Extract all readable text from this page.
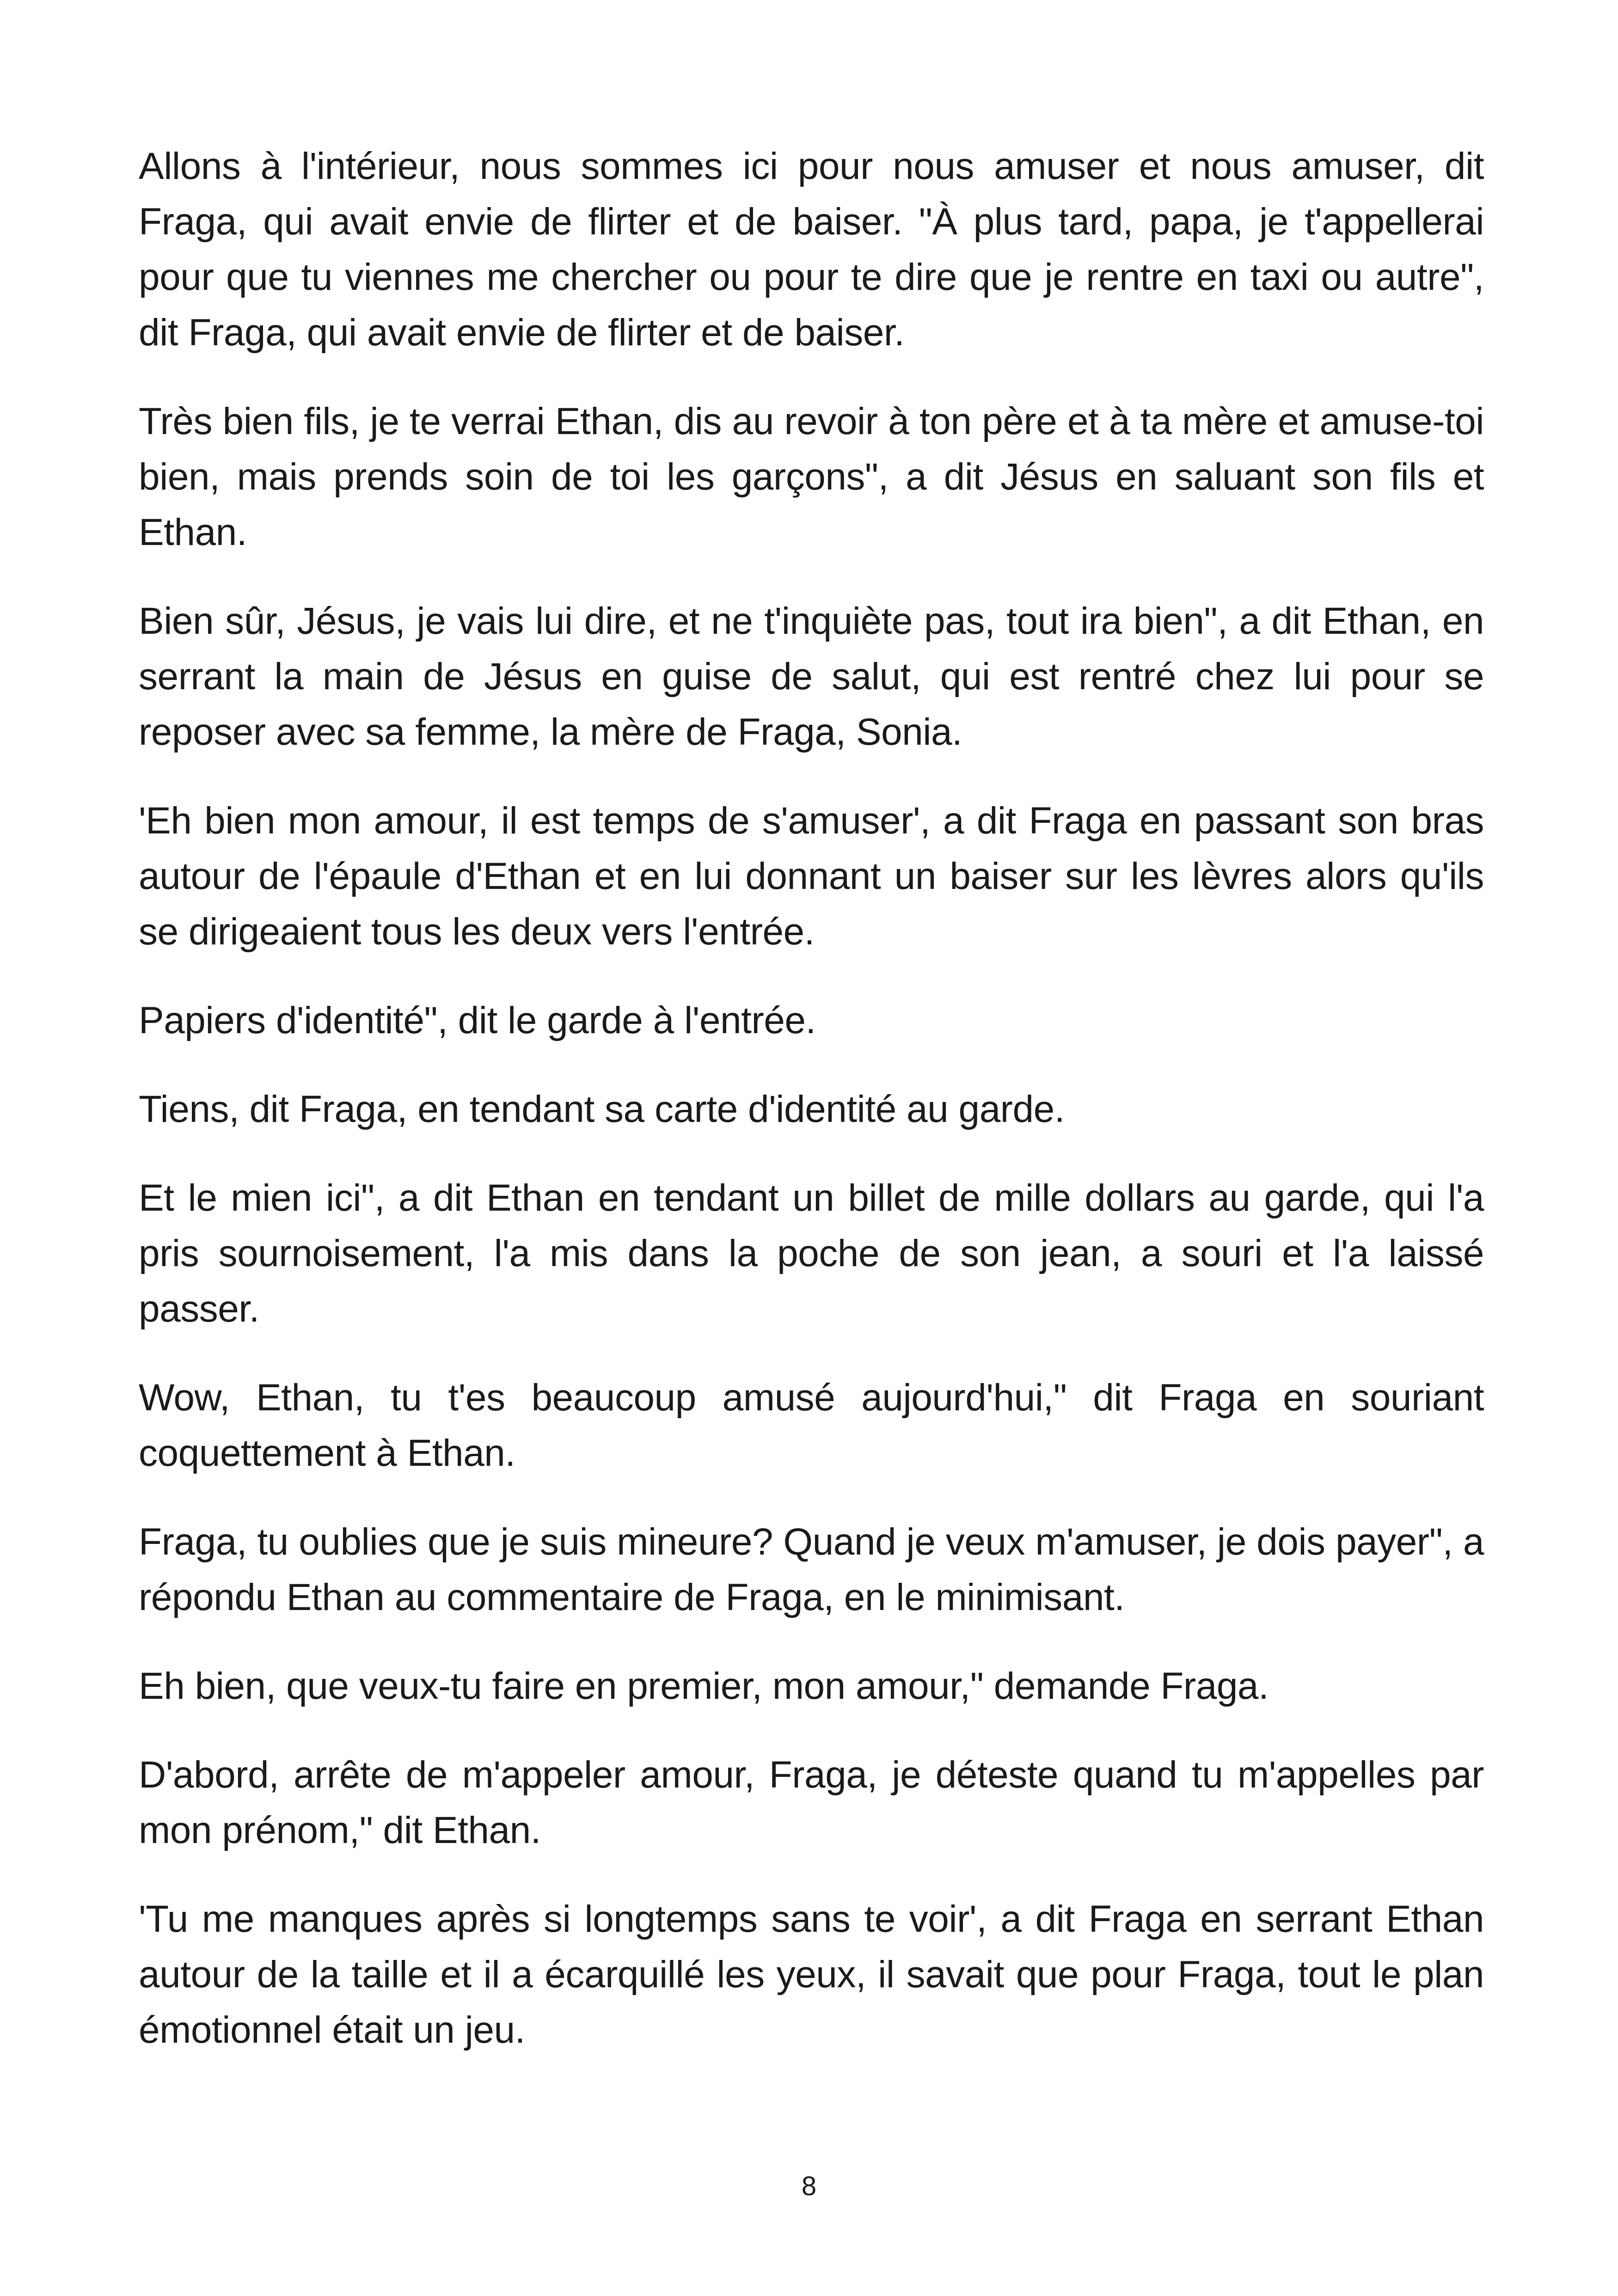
Allons à l'intérieur, nous sommes ici pour nous amuser et nous amuser, dit Fraga, qui avait envie de flirter et de baiser. "À plus tard, papa, je t'appellerai pour que tu viennes me chercher ou pour te dire que je rentre en taxi ou autre", dit Fraga, qui avait envie de flirter et de baiser.

Très bien fils, je te verrai Ethan, dis au revoir à ton père et à ta mère et amuse-toi bien, mais prends soin de toi les garçons", a dit Jésus en saluant son fils et Ethan.

Bien sûr, Jésus, je vais lui dire, et ne t'inquiète pas, tout ira bien", a dit Ethan, en serrant la main de Jésus en guise de salut, qui est rentré chez lui pour se reposer avec sa femme, la mère de Fraga, Sonia.

'Eh bien mon amour, il est temps de s'amuser', a dit Fraga en passant son bras autour de l'épaule d'Ethan et en lui donnant un baiser sur les lèvres alors qu'ils se dirigeaient tous les deux vers l'entrée.

Papiers d'identité", dit le garde à l'entrée.

Tiens, dit Fraga, en tendant sa carte d'identité au garde.

Et le mien ici", a dit Ethan en tendant un billet de mille dollars au garde, qui l'a pris sournoisement, l'a mis dans la poche de son jean, a souri et l'a laissé passer.

Wow, Ethan, tu t'es beaucoup amusé aujourd'hui," dit Fraga en souriant coquettement à Ethan.

Fraga, tu oublies que je suis mineure? Quand je veux m'amuser, je dois payer", a répondu Ethan au commentaire de Fraga, en le minimisant.

Eh bien, que veux-tu faire en premier, mon amour," demande Fraga.

D'abord, arrête de m'appeler amour, Fraga, je déteste quand tu m'appelles par mon prénom," dit Ethan.

'Tu me manques après si longtemps sans te voir', a dit Fraga en serrant Ethan autour de la taille et il a écarquillé les yeux, il savait que pour Fraga, tout le plan émotionnel était un jeu.

8
